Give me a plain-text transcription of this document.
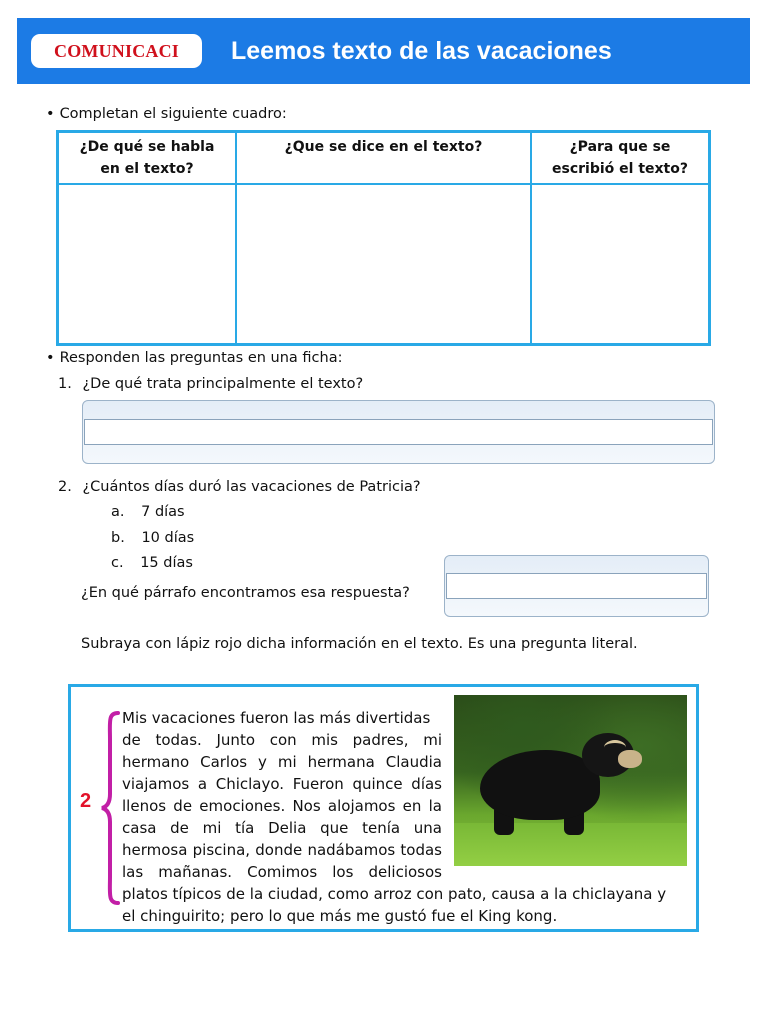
COMUNICACI	Leemos texto de las vacaciones
• Completan el siguiente cuadro:
¿De qué se habla
en el texto?
¿Que se dice en el texto?	¿Para que se
escribió el texto?
• Responden las preguntas en una ficha:
1. ¿De qué trata principalmente el texto?
2. ¿Cuántos días duró las vacaciones de Patricia?
a. 7 días
b. 10 días
c. 15 días
¿En qué párrafo encontramos esa respuesta?
Subraya con lápiz rojo dicha información en el texto. Es una pregunta literal.
2
Mis vacaciones fueron las más divertidas
de todas. Junto con mis padres, mi
hermano Carlos y mi hermana Claudia
viajamos a Chiclayo. Fueron quince días
llenos de emociones. Nos alojamos en la
casa de mi tía Delia que tenía una
hermosa piscina, donde nadábamos todas
las mañanas. Comimos los deliciosos
platos típicos de la ciudad, como arroz con pato, causa a la chiclayana y
el chinguirito; pero lo que más me gustó fue el King kong.
